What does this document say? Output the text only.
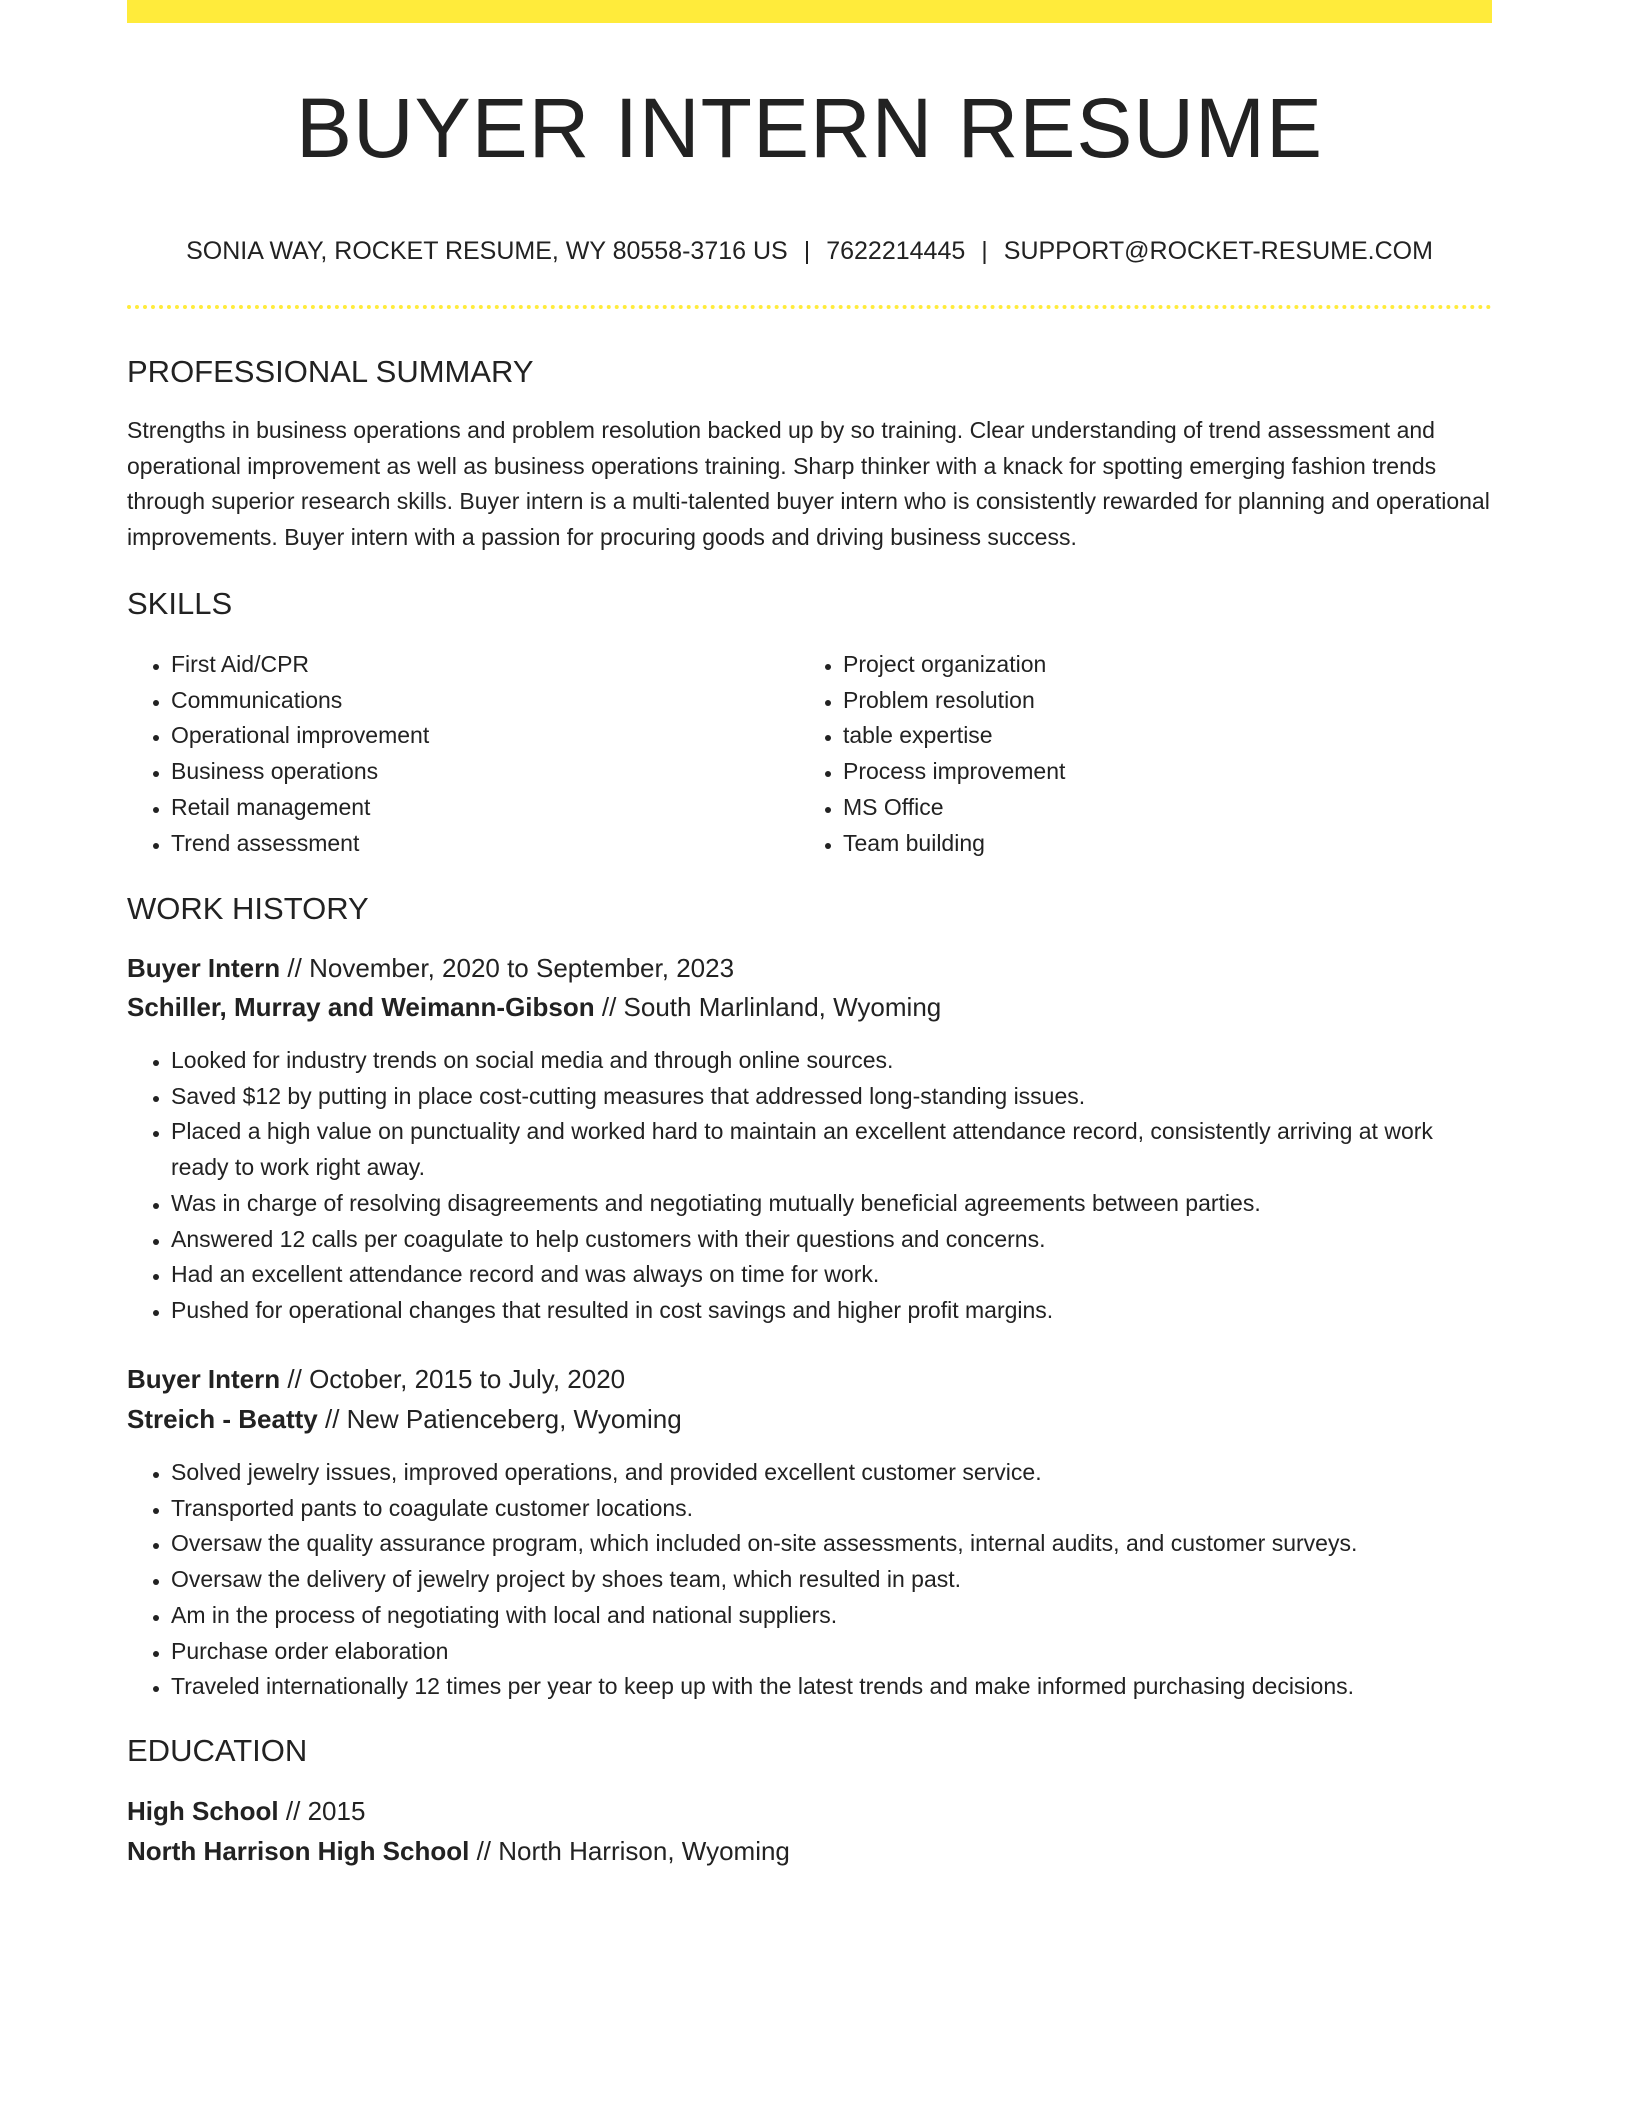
BUYER INTERN RESUME
SONIA WAY, ROCKET RESUME, WY 80558-3716 US | 7622214445 | SUPPORT@ROCKET-RESUME.COM
PROFESSIONAL SUMMARY

Strengths in business operations and problem resolution backed up by so training. Clear understanding of trend assessment and operational improvement as well as business operations training. Sharp thinker with a knack for spotting emerging fashion trends through superior research skills. Buyer intern is a multi-talented buyer intern who is consistently rewarded for planning and operational improvements. Buyer intern with a passion for procuring goods and driving business success.

SKILLS
• First Aid/CPR
• Communications
• Operational improvement
• Business operations
• Retail management
• Trend assessment
• Project organization
• Problem resolution
• table expertise
• Process improvement
• MS Office
• Team building
WORK HISTORY

Buyer Intern // November, 2020 to September, 2023

Schiller, Murray and Weimann-Gibson // South Marlinland, Wyoming

• Looked for industry trends on social media and through online sources.
• Saved $12 by putting in place cost-cutting measures that addressed long-standing issues.
• Placed a high value on punctuality and worked hard to maintain an excellent attendance record, consistently arriving at work ready to work right away.
• Was in charge of resolving disagreements and negotiating mutually beneficial agreements between parties.
• Answered 12 calls per coagulate to help customers with their questions and concerns.
• Had an excellent attendance record and was always on time for work.
• Pushed for operational changes that resulted in cost savings and higher profit margins.

Buyer Intern // October, 2015 to July, 2020

Streich - Beatty // New Patienceberg, Wyoming

• Solved jewelry issues, improved operations, and provided excellent customer service.
• Transported pants to coagulate customer locations.
• Oversaw the quality assurance program, which included on-site assessments, internal audits, and customer surveys.
• Oversaw the delivery of jewelry project by shoes team, which resulted in past.
• Am in the process of negotiating with local and national suppliers.
• Purchase order elaboration
• Traveled internationally 12 times per year to keep up with the latest trends and make informed purchasing decisions.
EDUCATION

High School // 2015

North Harrison High School // North Harrison, Wyoming
